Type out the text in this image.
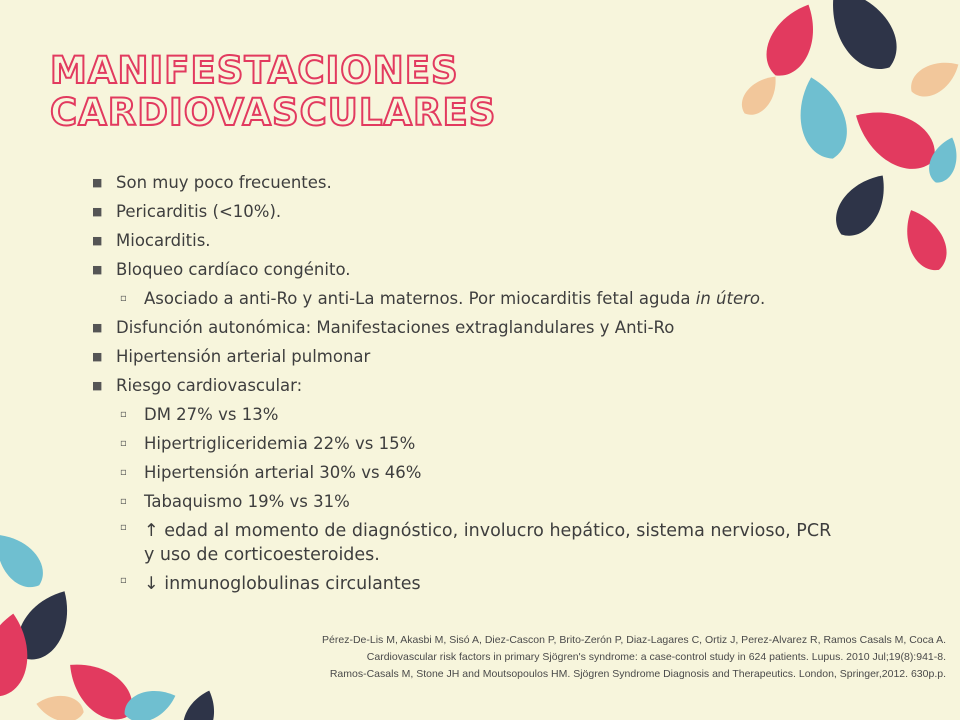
MANIFESTACIONES
CARDIOVASCULARES
■ Son muy poco frecuentes.
■ Pericarditis (<10%).
■ Miocarditis.
■ Bloqueo cardíaco congénito.
▫ Asociado a anti-Ro y anti-La maternos. Por miocarditis fetal aguda in útero.
■ Disfunción autonómica: Manifestaciones extraglandulares y Anti-Ro
■ Hipertensión arterial pulmonar
■ Riesgo cardiovascular:
▫ DM 27% vs 13%
▫ Hipertrigliceridemia 22% vs 15%
▫ Hipertensión arterial 30% vs 46%
▫ Tabaquismo 19% vs 31%
▫ ↑ edad al momento de diagnóstico, involucro hepático, sistema nervioso, PCR y uso de corticoesteroides.
▫ ↓ inmunoglobulinas circulantes

Pérez-De-Lis M, Akasbi M, Sisó A, Diez-Cascon P, Brito-Zerón P, Diaz-Lagares C, Ortiz J, Perez-Alvarez R, Ramos Casals M, Coca A. Cardiovascular risk factors in primary Sjögren's syndrome: a case-control study in 624 patients. Lupus. 2010 Jul;19(8):941-8.

Ramos-Casals M, Stone JH and Moutsopoulos HM. Sjögren Syndrome Diagnosis and Therapeutics. London, Springer,2012. 630p.p.
